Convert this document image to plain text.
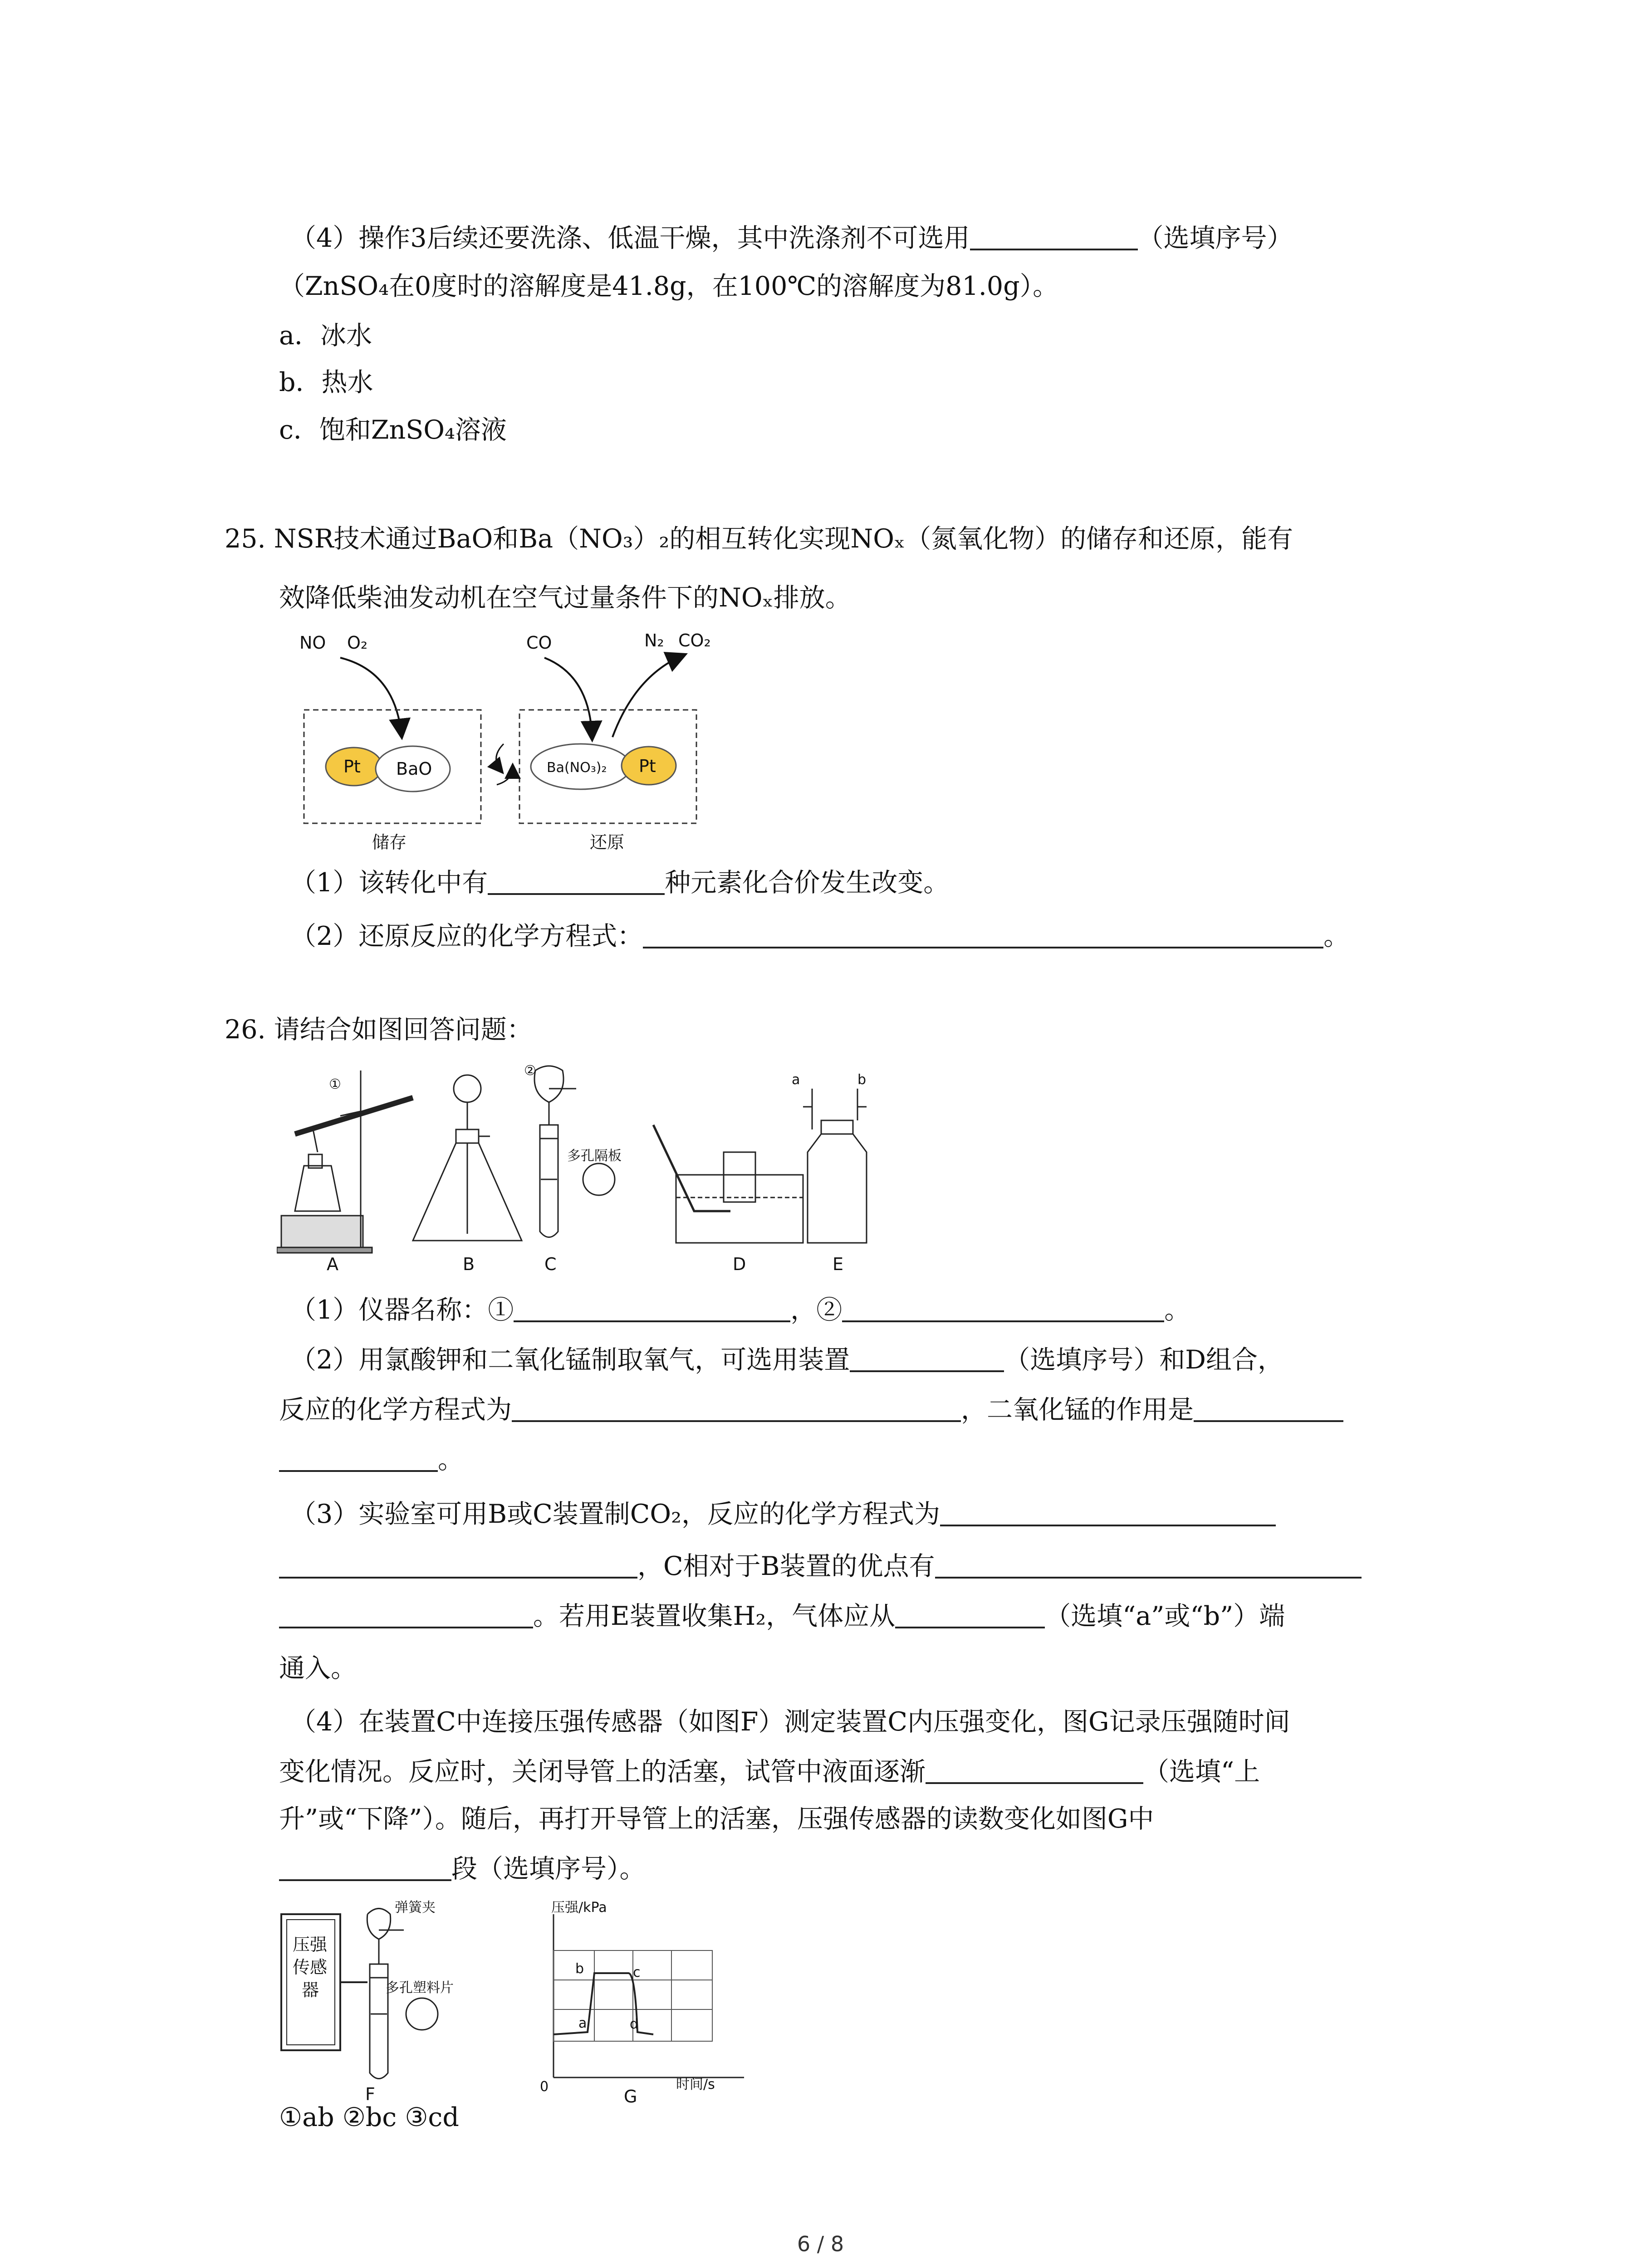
（4）操作3后续还要洗涤、低温干燥，其中洗涤剂不可选用	（选填序号）
（ZnSO₄在0度时的溶解度是41.8g，在100℃的溶解度为81.0g）。
a．冰水
b．热水
c．饱和ZnSO₄溶液
25. NSR技术通过BaO和Ba（NO₃）₂的相互转化实现NOₓ（氮氧化物）的储存和还原，能有
效降低柴油发动机在空气过量条件下的NOₓ排放。
NO O₂	CO	N₂ CO₂
Pt BaO	Ba(NO₃)₂ Pt
储存	还原
（1）该转化中有	种元素化合价发生改变。
（2）还原反应的化学方程式：	。
26. 请结合如图回答问题：
①
A	B
②
多孔隔板
C	D
a	b
E
（1）仪器名称：①	，②	。
（2）用氯酸钾和二氧化锰制取氧气，可选用装置	（选填序号）和D组合，
反应的化学方程式为	，二氧化锰的作用是
。
（3）实验室可用B或C装置制CO₂，反应的化学方程式为
，C相对于B装置的优点有
。若用E装置收集H₂，气体应从	（选填“a”或“b”）端
通入。
（4）在装置C中连接压强传感器（如图F）测定装置C内压强变化，图G记录压强随时间
变化情况。反应时，关闭导管上的活塞，试管中液面逐渐	（选填“上
升”或“下降”）。随后，再打开导管上的活塞，压强传感器的读数变化如图G中
段（选填序号）。
压强
传感
器
弹簧夹
多孔塑料片
F
压强/kPa
a
b	c
d
0	时间/s
G
①ab ②bc ③cd
6 / 8
